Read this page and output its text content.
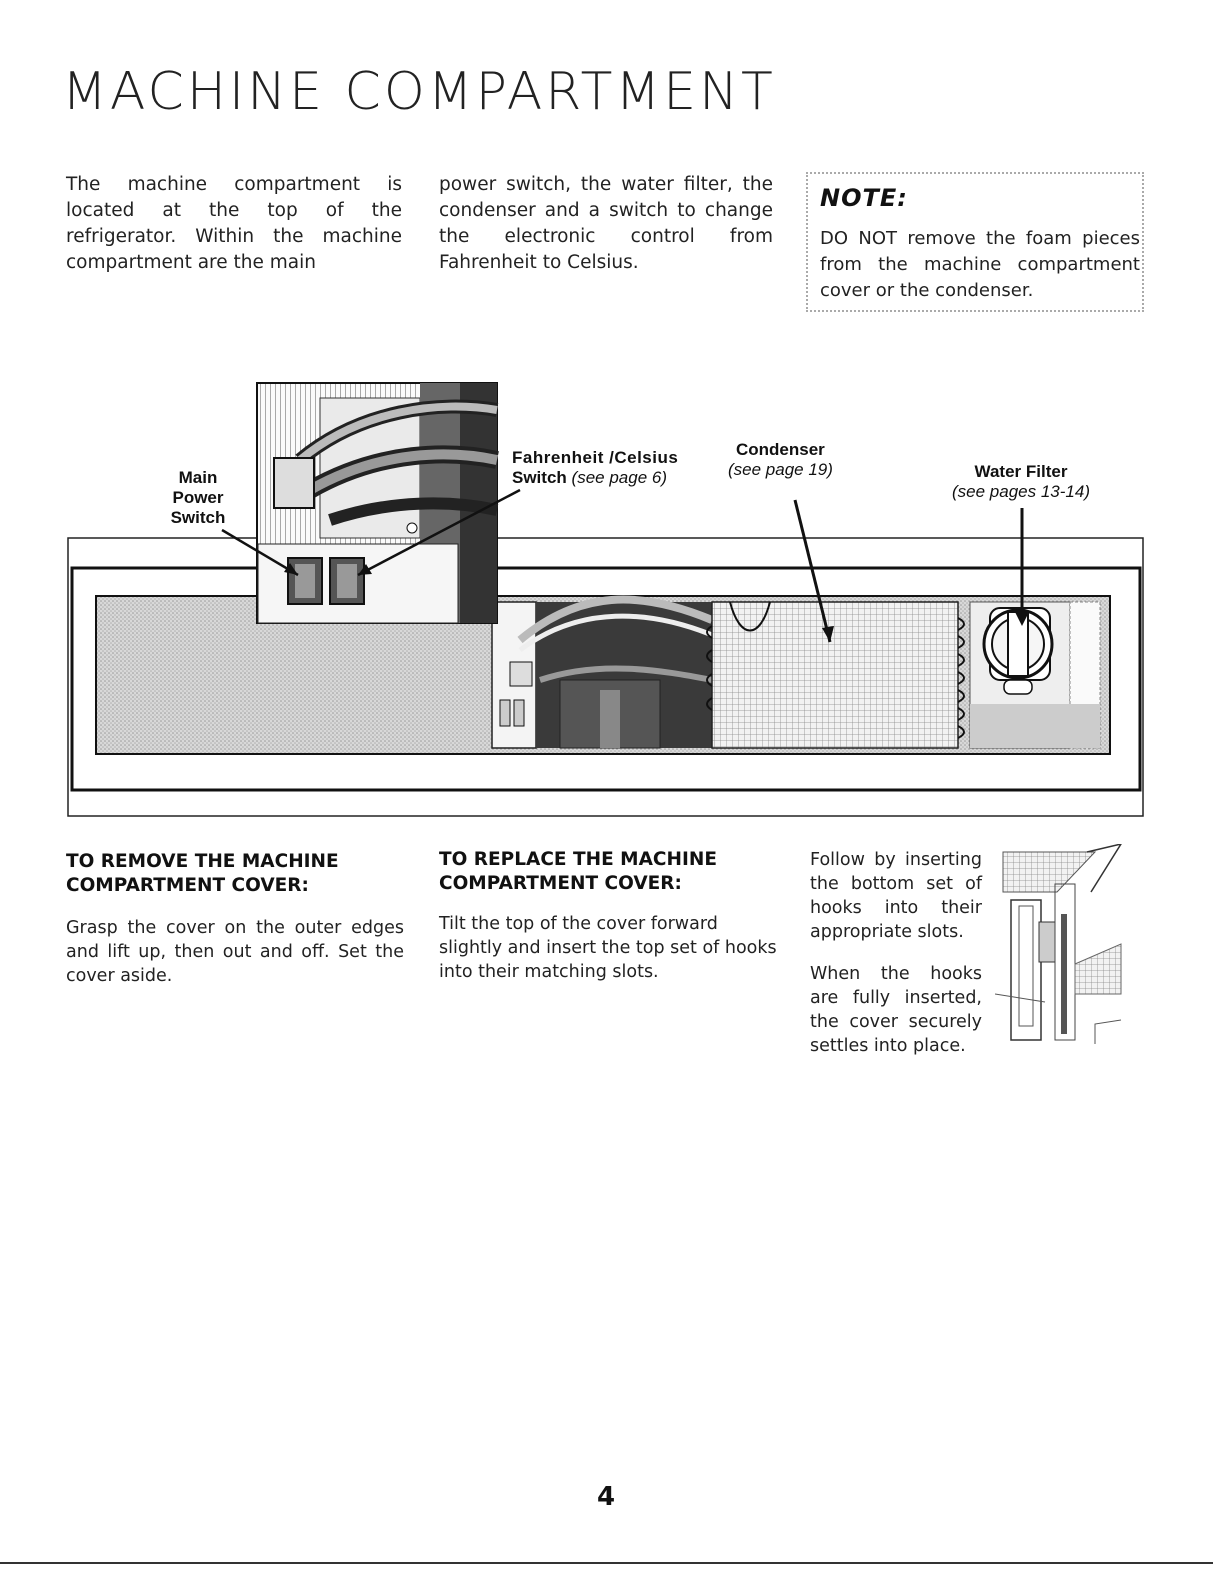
MACHINE COMPARTMENT
The machine compartment is located at the top of the refrigerator. Within the machine compartment are the main
power switch, the water filter, the condenser and a switch to change the electronic control from Fahrenheit to Celsius.
NOTE:
DO NOT remove the foam pieces from the machine compartment cover or the condenser.
Main
Power
Switch
Fahrenheit /Celsius
Switch (see page 6)
Condenser
(see page 19)	Water Filter
(see pages 13-14)
TO REMOVE THE MACHINE
COMPARTMENT COVER:
Grasp the cover on the outer edges and lift up, then out and off. Set the cover aside.
TO REPLACE THE MACHINE
COMPARTMENT COVER:
Tilt the top of the cover forward slightly and insert the top set of hooks into their matching slots.
Follow by inserting the bottom set of hooks into their appropriate slots.
When the hooks are fully inserted, the cover securely settles into place.
4
